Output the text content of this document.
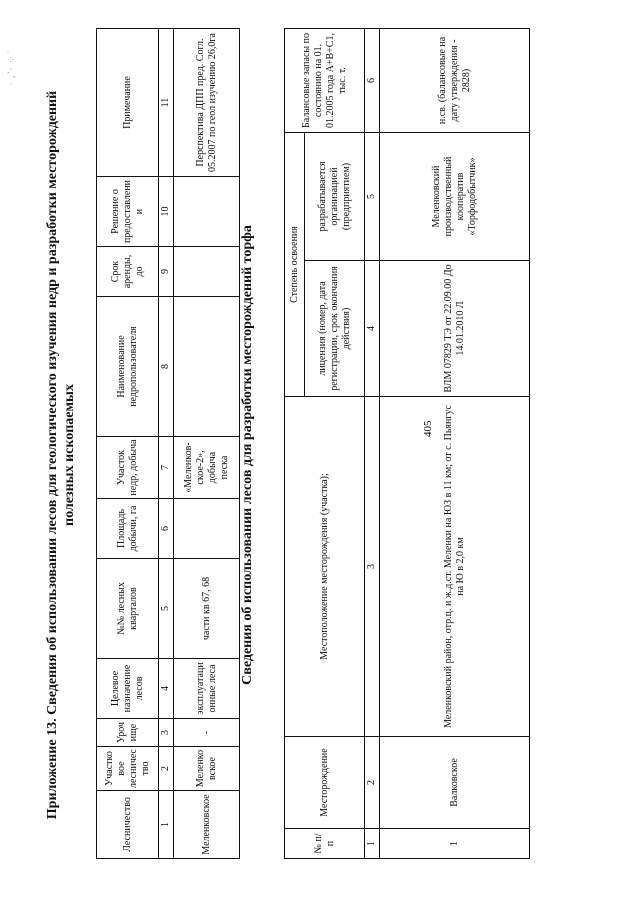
405
· ,ʼ· ⁘ ̇
Приложение 13. Сведения об использовании лесов для геологического изучения недр и разработки месторождений полезных ископаемых
Лесничество	Участковое лесничество	Урочище	Целевое назначение лесов	№№ лесных кварталов	Площадь добычи, га	Участок недр, добыча	Наименование недропользователя	Срок аренды, до	Решение о предоставлении	Примечание
1	2	3	4	5	6	7	8	9	10	11
Меленковское	Меленковское	-	эксплуатационные леса	части кв 67, 68		«Меленков-ское-2», добыча песка				Перспектива ДПП пред. Согл. 05.2007 по геол изучению 26,0га
Сведения об использовании лесов для разработки месторождений торфа
№ п/п	Месторождение	Местоположение месторождения (участка);	Степень освоения		Балансовые запасы по состоянию на 01. 01.2005 года А+В+С1, тыс. т.
			лицензия (номер, дата регистрации, срок окончания действия)	разрабатывается организацией (предприятием)	
1	2	3	4	5	6
1	Валковское	Меленковский район, отр.ц. и ж.д.ст. Меленки на ЮЗ в 11 км; от с. Пьянгус на Ю в 2,0 км	ВЛМ 07829 ТЭ от 22.09.00 До 14.01.2010 Л	Меленковский производственный кооператив «Торфодобытчик»	н.св. (балансовые на дату утверждения - 2828)
